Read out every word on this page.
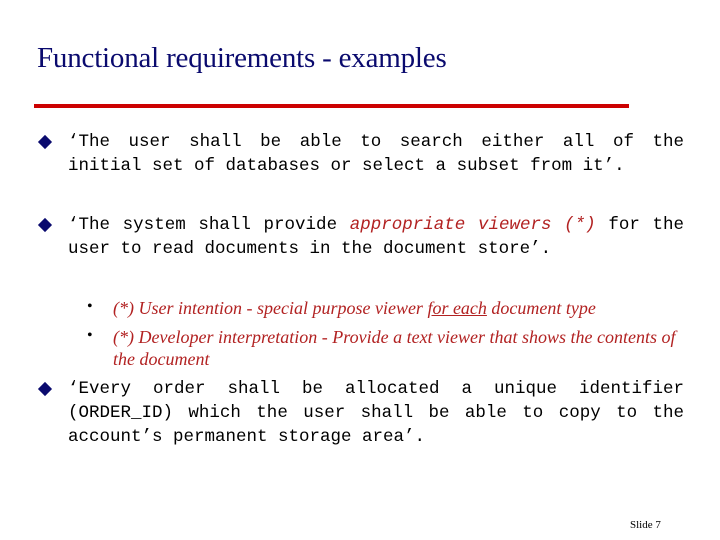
Functional requirements - examples
‘The user shall be able to search either all of the initial set of databases or select a subset from it’.
‘The system shall provide appropriate viewers (*) for the user to read documents in the document store’.
• (*) User intention - special purpose viewer for each document type
• (*) Developer interpretation - Provide a text viewer that shows the contents of the document
‘Every order shall be allocated a unique identifier (ORDER_ID) which the user shall be able to copy to the account’s permanent storage area’.
Slide 7
